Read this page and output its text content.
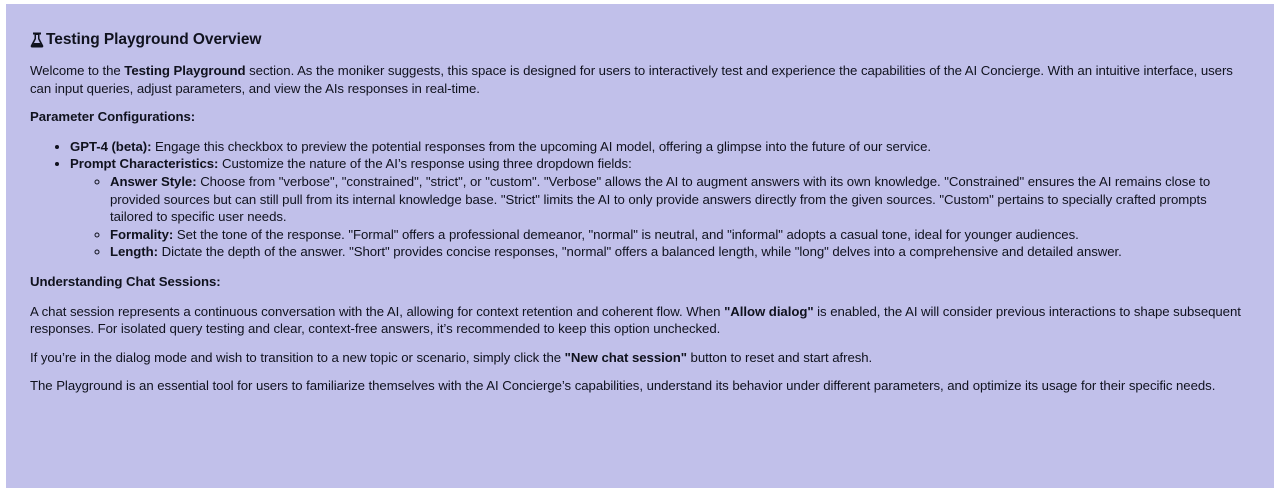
Testing Playground Overview

Welcome to the Testing Playground section. As the moniker suggests, this space is designed for users to interactively test and experience the capabilities of the AI Concierge. With an intuitive interface, users can input queries, adjust parameters, and view the AIs responses in real-time.

Parameter Configurations:
• GPT-4 (beta): Engage this checkbox to preview the potential responses from the upcoming AI model, offering a glimpse into the future of our service.
• Prompt Characteristics: Customize the nature of the AI’s response using three dropdown fields:
◦ Answer Style: Choose from "verbose", "constrained", "strict", or "custom". "Verbose" allows the AI to augment answers with its own knowledge. "Constrained" ensures the AI remains close to provided sources but can still pull from its internal knowledge base. "Strict" limits the AI to only provide answers directly from the given sources. "Custom" pertains to specially crafted prompts tailored to specific user needs.
◦ Formality: Set the tone of the response. "Formal" offers a professional demeanor, "normal" is neutral, and "informal" adopts a casual tone, ideal for younger audiences.
◦ Length: Dictate the depth of the answer. "Short" provides concise responses, "normal" offers a balanced length, while "long" delves into a comprehensive and detailed answer.
Understanding Chat Sessions:

A chat session represents a continuous conversation with the AI, allowing for context retention and coherent flow. When "Allow dialog" is enabled, the AI will consider previous interactions to shape subsequent responses. For isolated query testing and clear, context-free answers, it’s recommended to keep this option unchecked.

If you’re in the dialog mode and wish to transition to a new topic or scenario, simply click the "New chat session" button to reset and start afresh.

The Playground is an essential tool for users to familiarize themselves with the AI Concierge’s capabilities, understand its behavior under different parameters, and optimize its usage for their specific needs.
